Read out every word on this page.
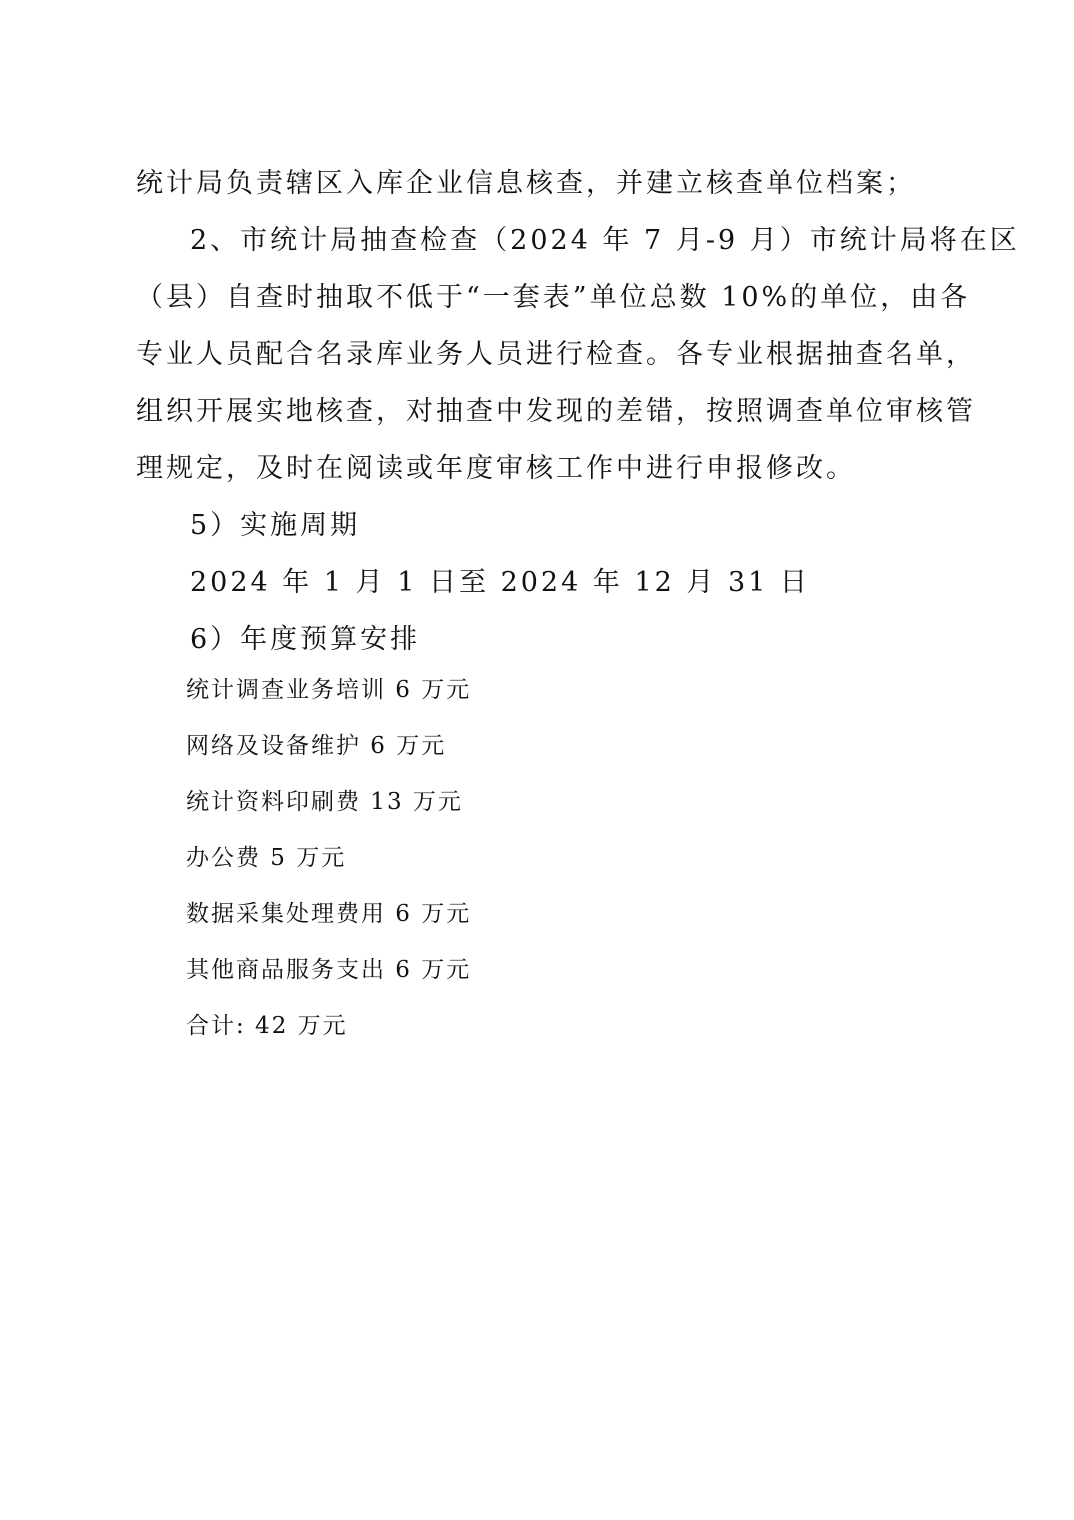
统计局负责辖区入库企业信息核查，并建立核查单位档案；
2、市统计局抽查检查（2024 年 7 月-9 月）市统计局将在区
（县）自查时抽取不低于“一套表”单位总数 10%的单位，由各
专业人员配合名录库业务人员进行检查。各专业根据抽查名单，
组织开展实地核查，对抽查中发现的差错，按照调查单位审核管
理规定，及时在阅读或年度审核工作中进行申报修改。
5）实施周期
2024 年 1 月 1 日至 2024 年 12 月 31 日
6）年度预算安排
统计调查业务培训 6 万元
网络及设备维护 6 万元
统计资料印刷费 13 万元
办公费 5 万元
数据采集处理费用 6 万元
其他商品服务支出 6 万元
合计: 42 万元
